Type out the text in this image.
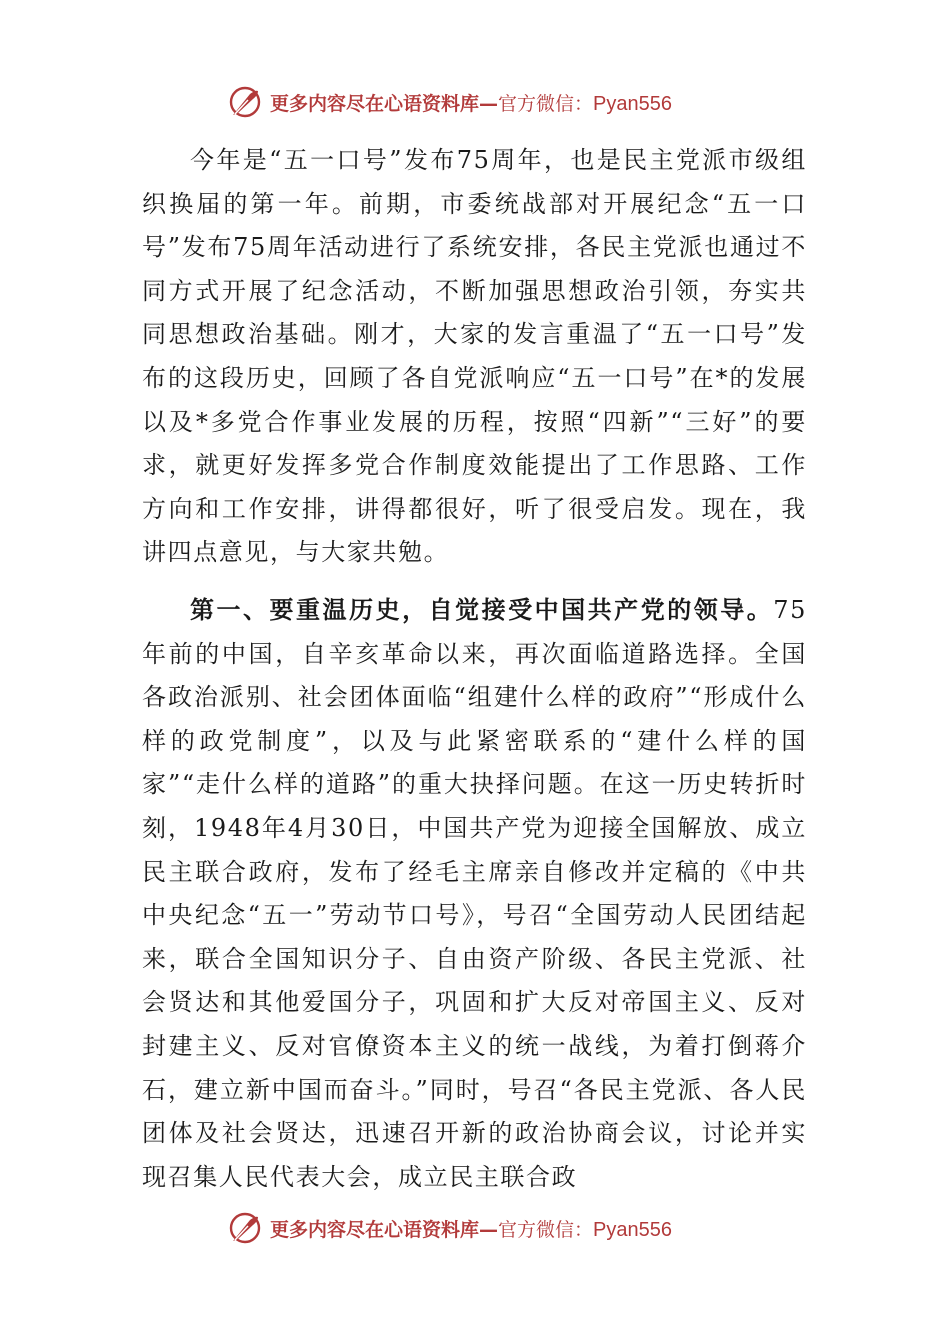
更多内容尽在心语资料库—官方微信：Pyan556

今年是“五一口号”发布75周年，也是民主党派市级组织换届的第一年。前期，市委统战部对开展纪念“五一口号”发布75周年活动进行了系统安排，各民主党派也通过不同方式开展了纪念活动，不断加强思想政治引领，夯实共同思想政治基础。刚才，大家的发言重温了“五一口号”发布的这段历史，回顾了各自党派响应“五一口号”在*的发展以及*多党合作事业发展的历程，按照“四新”“三好”的要求，就更好发挥多党合作制度效能提出了工作思路、工作方向和工作安排，讲得都很好，听了很受启发。现在，我讲四点意见，与大家共勉。

第一、要重温历史，自觉接受中国共产党的领导。75年前的中国，自辛亥革命以来，再次面临道路选择。全国各政治派别、社会团体面临“组建什么样的政府”“形成什么样的政党制度”，以及与此紧密联系的“建什么样的国家”“走什么样的道路”的重大抉择问题。在这一历史转折时刻，1948年4月30日，中国共产党为迎接全国解放、成立民主联合政府，发布了经毛主席亲自修改并定稿的《中共中央纪念“五一”劳动节口号》，号召“全国劳动人民团结起来，联合全国知识分子、自由资产阶级、各民主党派、社会贤达和其他爱国分子，巩固和扩大反对帝国主义、反对封建主义、反对官僚资本主义的统一战线，为着打倒蒋介石，建立新中国而奋斗。”同时，号召“各民主党派、各人民团体及社会贤达，迅速召开新的政治协商会议，讨论并实现召集人民代表大会，成立民主联合政

更多内容尽在心语资料库—官方微信：Pyan556
